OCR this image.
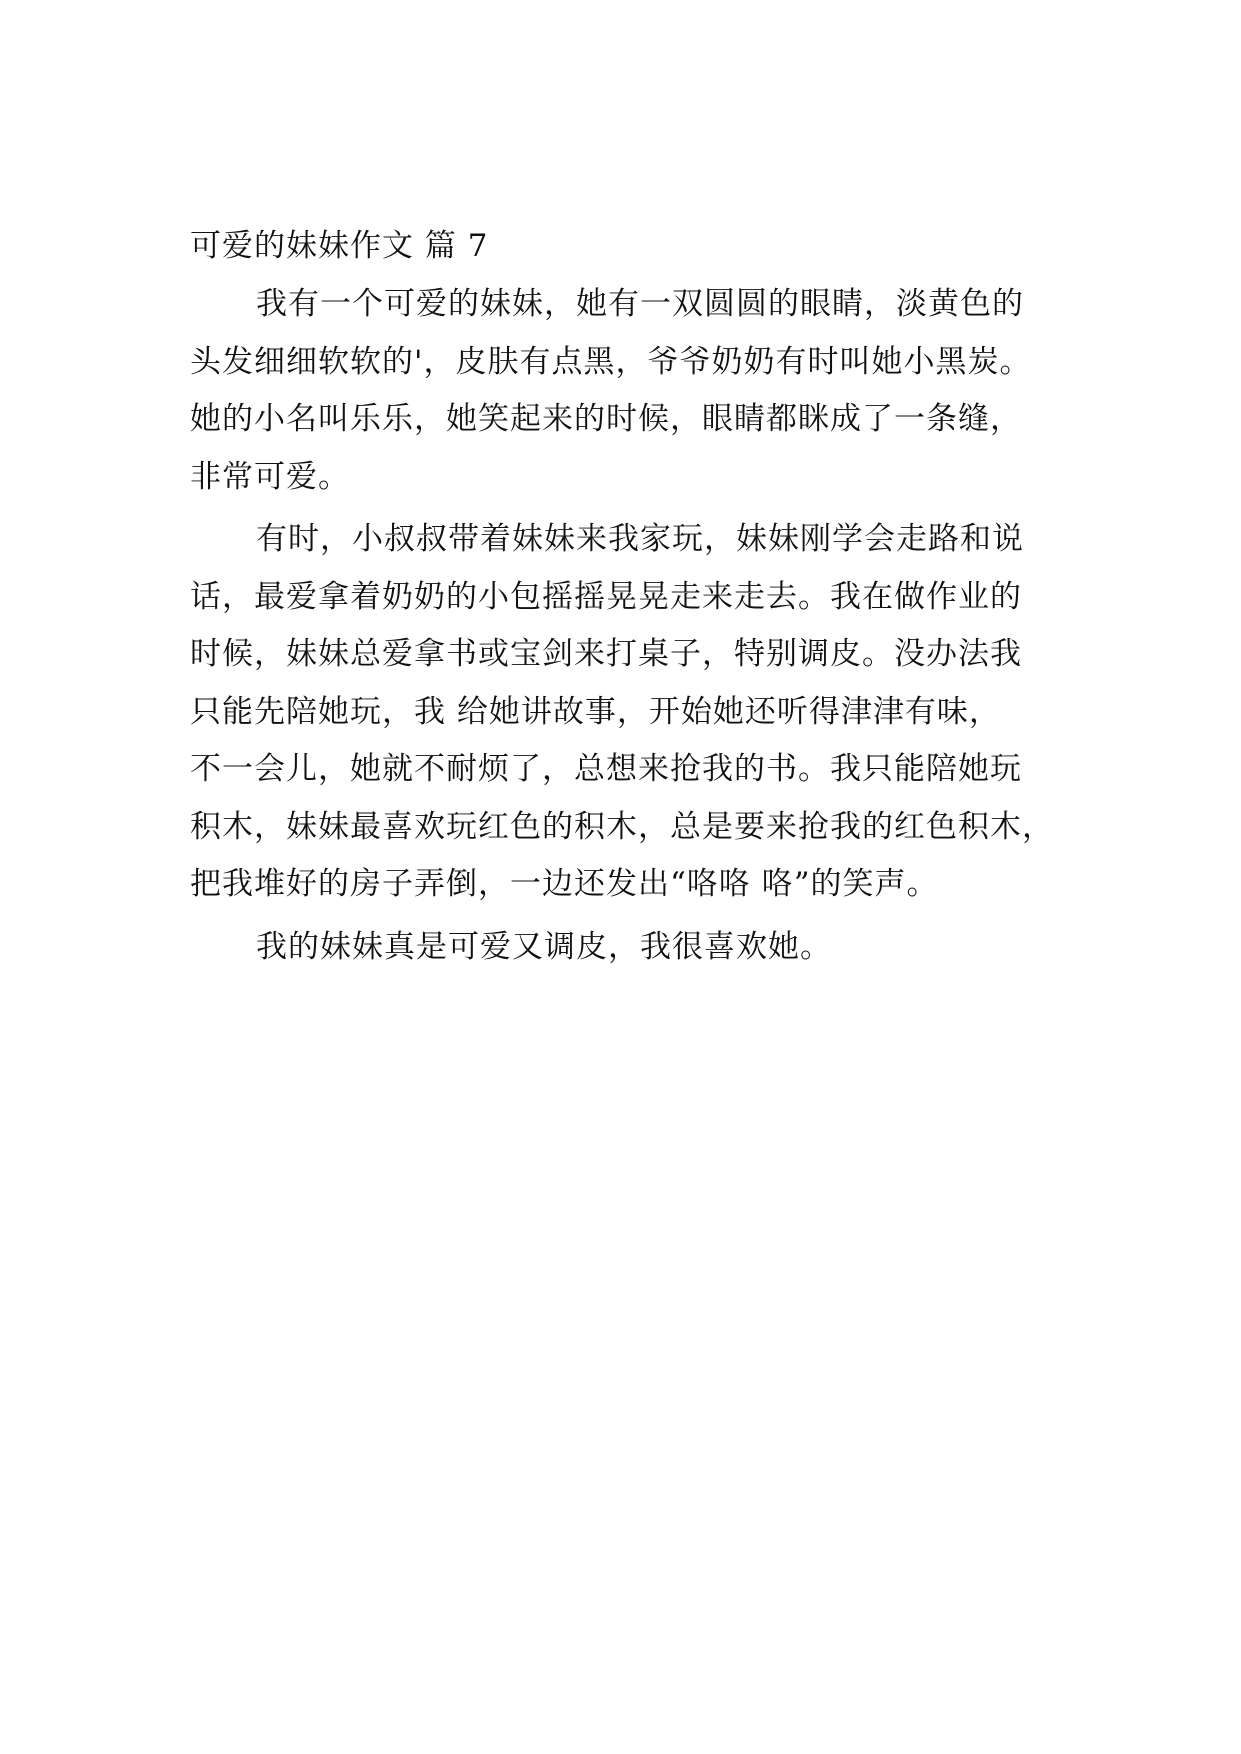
可爱的妹妹作文 篇 7
我有一个可爱的妹妹，她有一双圆圆的眼睛，淡黄色的
头发细细软软的'，皮肤有点黑，爷爷奶奶有时叫她小黑炭。
她的小名叫乐乐，她笑起来的时候，眼睛都眯成了一条缝，
非常可爱。
有时，小叔叔带着妹妹来我家玩，妹妹刚学会走路和说
话，最爱拿着奶奶的小包摇摇晃晃走来走去。我在做作业的
时候，妹妹总爱拿书或宝剑来打桌子，特别调皮。没办法我
只能先陪她玩，我 给她讲故事，开始她还听得津津有味，
不一会儿，她就不耐烦了，总想来抢我的书。我只能陪她玩
积木，妹妹最喜欢玩红色的积木，总是要来抢我的红色积木，
把我堆好的房子弄倒，一边还发出“咯咯 咯”的笑声。
我的妹妹真是可爱又调皮，我很喜欢她。
